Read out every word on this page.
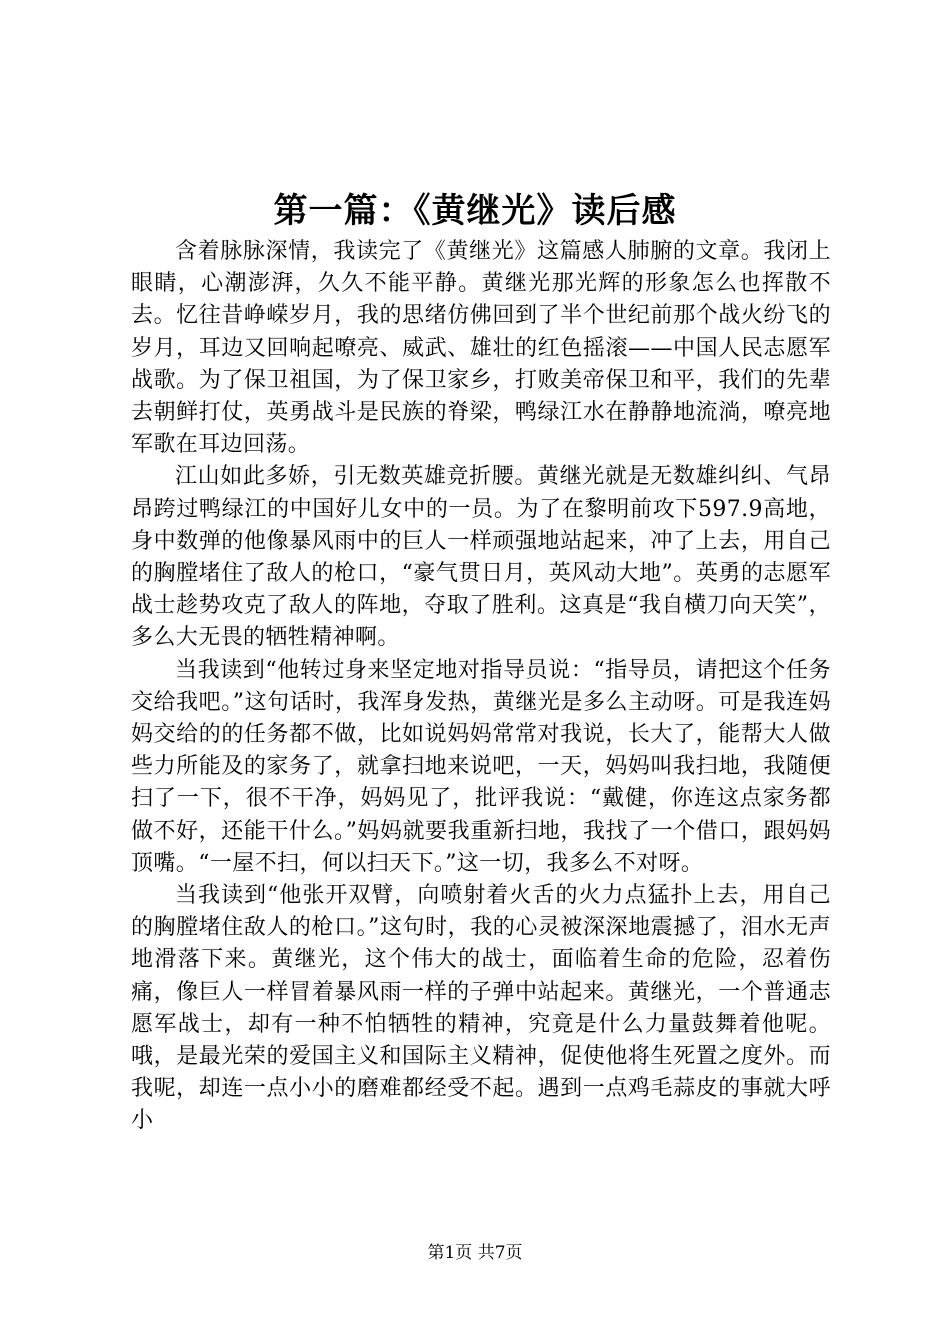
第一篇：《黄继光》读后感

含着脉脉深情，我读完了《黄继光》这篇感人肺腑的文章。我闭上眼睛，心潮澎湃，久久不能平静。黄继光那光辉的形象怎么也挥散不去。忆往昔峥嵘岁月，我的思绪仿佛回到了半个世纪前那个战火纷飞的岁月，耳边又回响起嘹亮、威武、雄壮的红色摇滚——中国人民志愿军战歌。为了保卫祖国，为了保卫家乡，打败美帝保卫和平，我们的先辈去朝鲜打仗，英勇战斗是民族的脊梁，鸭绿江水在静静地流淌，嘹亮地军歌在耳边回荡。

江山如此多娇，引无数英雄竞折腰。黄继光就是无数雄纠纠、气昂昂跨过鸭绿江的中国好儿女中的一员。为了在黎明前攻下597.9高地，身中数弹的他像暴风雨中的巨人一样顽强地站起来，冲了上去，用自己的胸膛堵住了敌人的枪口，“豪气贯日月，英风动大地”。英勇的志愿军战士趁势攻克了敌人的阵地，夺取了胜利。这真是“我自横刀向天笑”，多么大无畏的牺牲精神啊。

当我读到“他转过身来坚定地对指导员说：“指导员，请把这个任务交给我吧。”这句话时，我浑身发热，黄继光是多么主动呀。可是我连妈妈交给的的任务都不做，比如说妈妈常常对我说，长大了，能帮大人做些力所能及的家务了，就拿扫地来说吧，一天，妈妈叫我扫地，我随便扫了一下，很不干净，妈妈见了，批评我说：“戴健，你连这点家务都做不好，还能干什么。”妈妈就要我重新扫地，我找了一个借口，跟妈妈顶嘴。“一屋不扫，何以扫天下。”这一切，我多么不对呀。

当我读到“他张开双臂，向喷射着火舌的火力点猛扑上去，用自己的胸膛堵住敌人的枪口。”这句时，我的心灵被深深地震撼了，泪水无声地滑落下来。黄继光，这个伟大的战士，面临着生命的危险，忍着伤痛，像巨人一样冒着暴风雨一样的子弹中站起来。黄继光，一个普通志愿军战士，却有一种不怕牺牲的精神，究竟是什么力量鼓舞着他呢。哦，是最光荣的爱国主义和国际主义精神，促使他将生死置之度外。而我呢，却连一点小小的磨难都经受不起。遇到一点鸡毛蒜皮的事就大呼小

第1页 共7页
